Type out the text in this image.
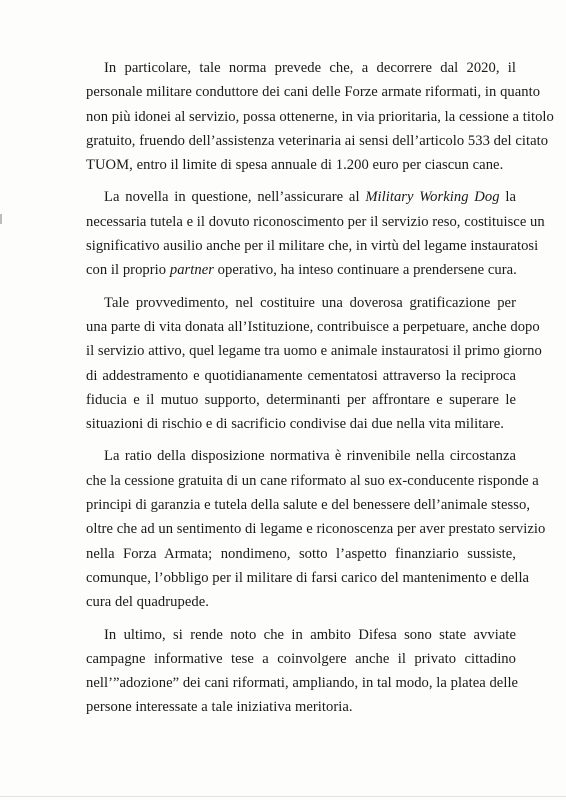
In particolare, tale norma prevede che, a decorrere dal 2020, il
personale militare conduttore dei cani delle Forze armate riformati, in quanto
non più idonei al servizio, possa ottenerne, in via prioritaria, la cessione a titolo
gratuito, fruendo dell’assistenza veterinaria ai sensi dell’articolo 533 del citato
TUOM, entro il limite di spesa annuale di 1.200 euro per ciascun cane.
La novella in questione, nell’assicurare al Military Working Dog la
necessaria tutela e il dovuto riconoscimento per il servizio reso, costituisce un
significativo ausilio anche per il militare che, in virtù del legame instauratosi
con il proprio partner operativo, ha inteso continuare a prendersene cura.
Tale provvedimento, nel costituire una doverosa gratificazione per
una parte di vita donata all’Istituzione, contribuisce a perpetuare, anche dopo
il servizio attivo, quel legame tra uomo e animale instauratosi il primo giorno
di addestramento e quotidianamente cementatosi attraverso la reciproca
fiducia e il mutuo supporto, determinanti per affrontare e superare le
situazioni di rischio e di sacrificio condivise dai due nella vita militare.
La ratio della disposizione normativa è rinvenibile nella circostanza
che la cessione gratuita di un cane riformato al suo ex-conducente risponde a
principi di garanzia e tutela della salute e del benessere dell’animale stesso,
oltre che ad un sentimento di legame e riconoscenza per aver prestato servizio
nella Forza Armata; nondimeno, sotto l’aspetto finanziario sussiste,
comunque, l’obbligo per il militare di farsi carico del mantenimento e della
cura del quadrupede.
In ultimo, si rende noto che in ambito Difesa sono state avviate
campagne informative tese a coinvolgere anche il privato cittadino
nell’”adozione” dei cani riformati, ampliando, in tal modo, la platea delle
persone interessate a tale iniziativa meritoria.
